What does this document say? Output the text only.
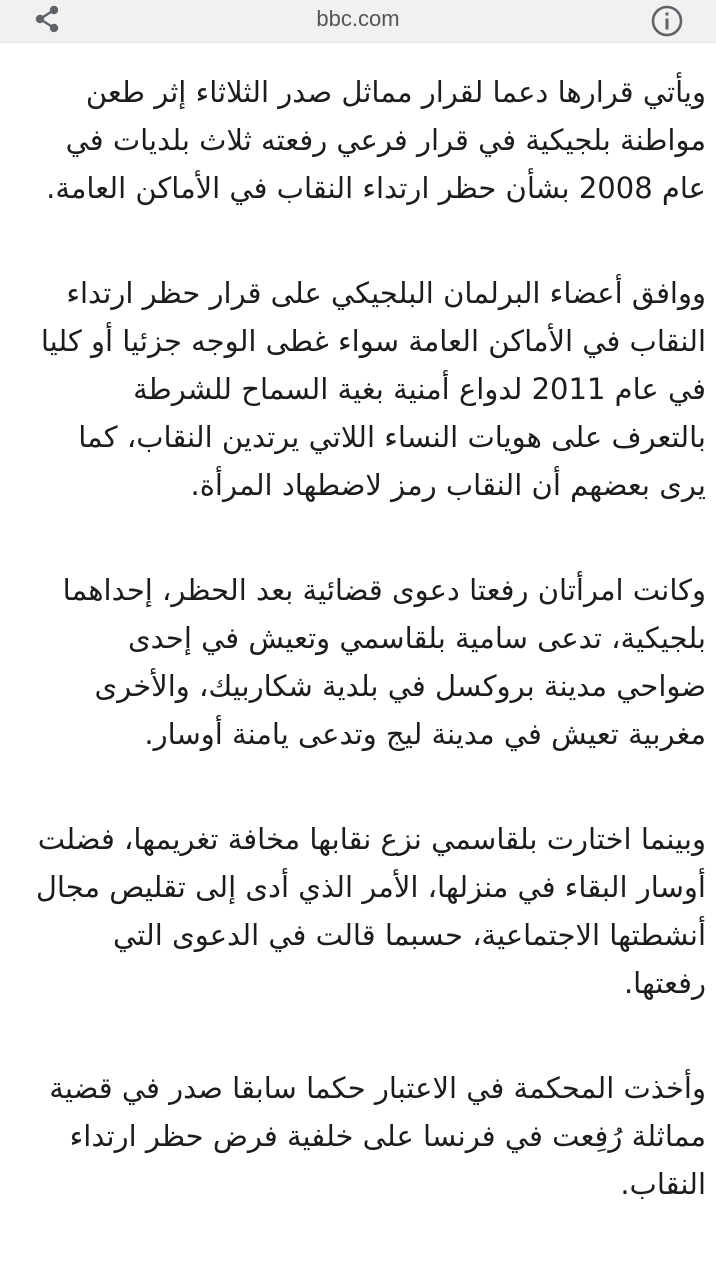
bbc.com

ويأتي قرارها دعما لقرار مماثل صدر الثلاثاء إثر طعن مواطنة بلجيكية في قرار فرعي رفعته ثلاث بلديات في عام 2008 بشأن حظر ارتداء النقاب في الأماكن العامة.

ووافق أعضاء البرلمان البلجيكي على قرار حظر ارتداء النقاب في الأماكن العامة سواء غطى الوجه جزئيا أو كليا في عام 2011 لدواع أمنية بغية السماح للشرطة بالتعرف على هويات النساء اللاتي يرتدين النقاب، كما يرى بعضهم أن النقاب رمز لاضطهاد المرأة.

وكانت امرأتان رفعتا دعوى قضائية بعد الحظر، إحداهما بلجيكية، تدعى سامية بلقاسمي وتعيش في إحدى ضواحي مدينة بروكسل في بلدية شكاربيك، والأخرى مغربية تعيش في مدينة ليج وتدعى يامنة أوسار.

وبينما اختارت بلقاسمي نزع نقابها مخافة تغريمها، فضلت أوسار البقاء في منزلها، الأمر الذي أدى إلى تقليص مجال أنشطتها الاجتماعية، حسبما قالت في الدعوى التي رفعتها.

وأخذت المحكمة في الاعتبار حكما سابقا صدر في قضية مماثلة رُفِعت في فرنسا على خلفية فرض حظر ارتداء النقاب.
